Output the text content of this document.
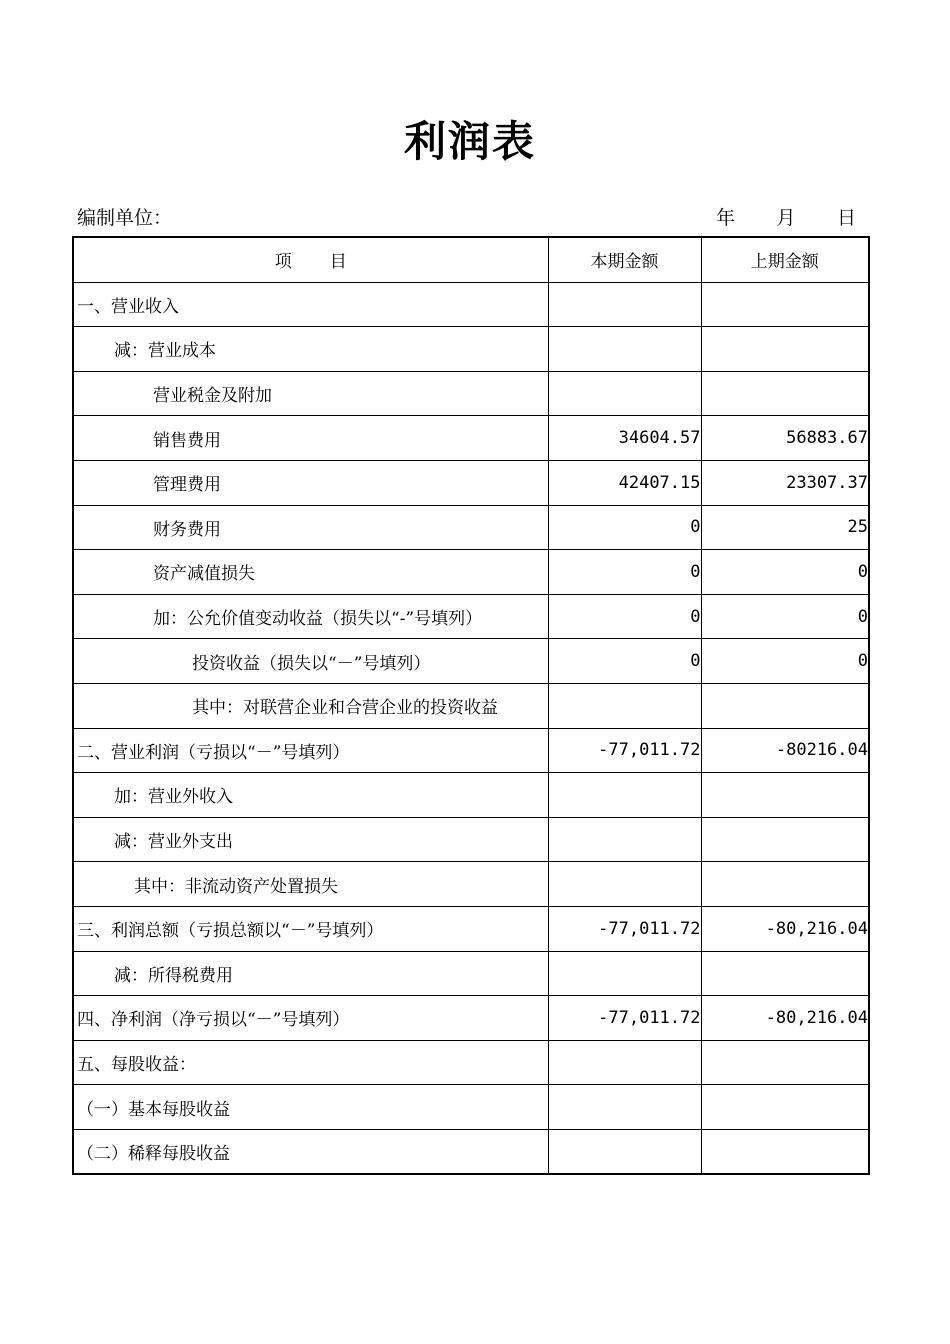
利润表
编制单位：	年 月 日
项 目	本期金额	上期金额
一、营业收入		
减：营业成本		
营业税金及附加		
销售费用	34604.57	56883.67
管理费用	42407.15	23307.37
财务费用	0	25
资产减值损失	0	0
加：公允价值变动收益（损失以“-”号填列）	0	0
投资收益（损失以“－”号填列）	0	0
其中：对联营企业和合营企业的投资收益		
二、营业利润（亏损以“－”号填列）	-77,011.72	-80216.04
加：营业外收入		
减：营业外支出		
其中：非流动资产处置损失		
三、利润总额（亏损总额以“－”号填列）	-77,011.72	-80,216.04
减：所得税费用		
四、净利润（净亏损以“－”号填列）	-77,011.72	-80,216.04
五、每股收益：		
（一）基本每股收益		
（二）稀释每股收益		
